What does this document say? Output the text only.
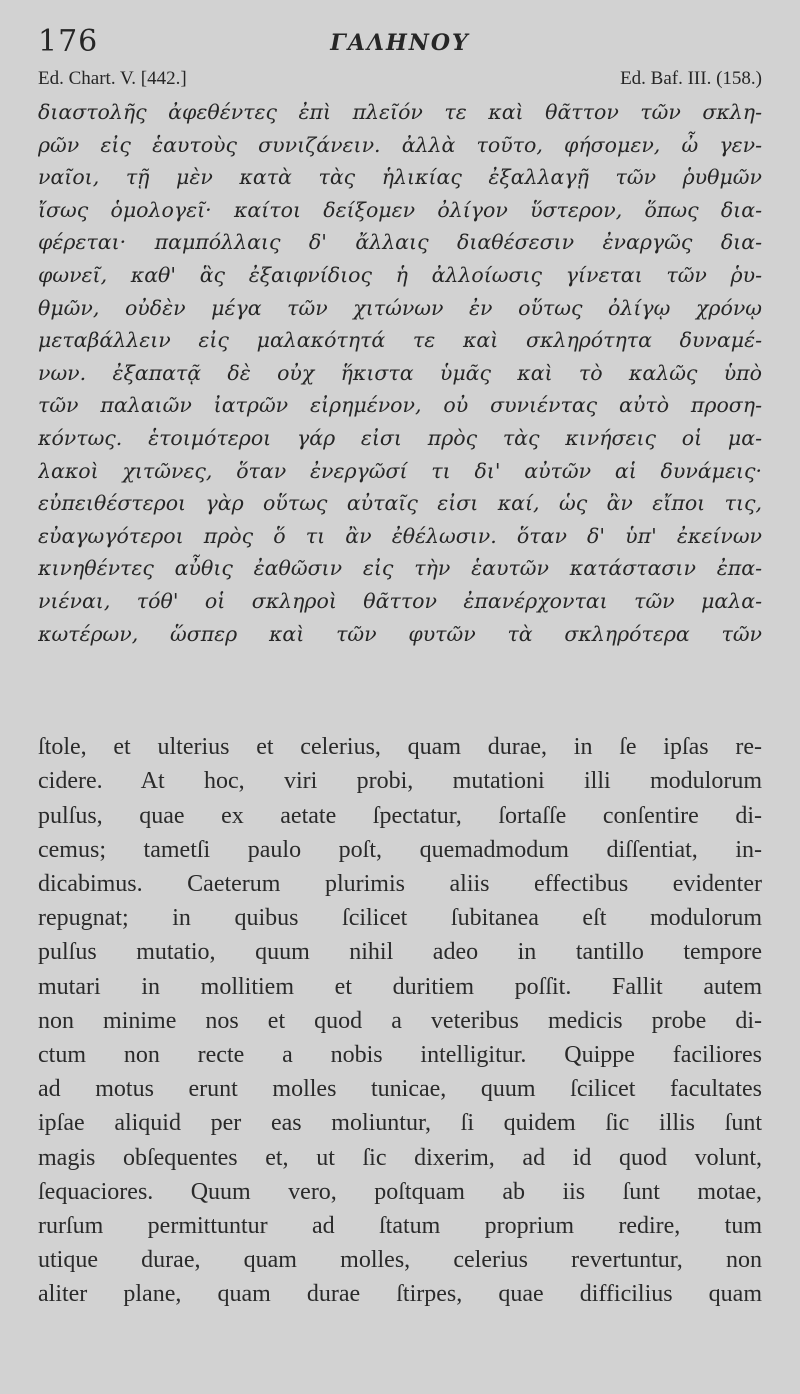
176	ΓΑΛΗΝΟΥ
Ed. Chart. V. [442.]	Ed. Baf. III. (158.)
διαστολῆς ἀφεθέντες ἐπὶ πλεῖόν τε καὶ θᾶττον τῶν σκλη-
ρῶν εἰς ἑαυτοὺς συνιζάνειν. ἀλλὰ τοῦτο, φήσομεν, ὦ γεν-
ναῖοι, τῇ μὲν κατὰ τὰς ἡλικίας ἐξαλλαγῇ τῶν ῥυθμῶν
ἴσως ὁμολογεῖ· καίτοι δείξομεν ὀλίγον ὕστερον, ὅπως δια-
φέρεται· παμπόλλαις δ' ἄλλαις διαθέσεσιν ἐναργῶς δια-
φωνεῖ, καθ' ἃς ἐξαιφνίδιος ἡ ἀλλοίωσις γίνεται τῶν ῥυ-
θμῶν, οὐδὲν μέγα τῶν χιτώνων ἐν οὕτως ὀλίγῳ χρόνῳ
μεταβάλλειν εἰς μαλακότητά τε καὶ σκληρότητα δυναμέ-
νων. ἐξαπατᾷ δὲ οὐχ ἥκιστα ὑμᾶς καὶ τὸ καλῶς ὑπὸ
τῶν παλαιῶν ἰατρῶν εἰρημένον, οὐ συνιέντας αὐτὸ προση-
κόντως. ἑτοιμότεροι γάρ εἰσι πρὸς τὰς κινήσεις οἱ μα-
λακοὶ χιτῶνες, ὅταν ἐνεργῶσί τι δι' αὐτῶν αἱ δυνάμεις·
εὐπειθέστεροι γὰρ οὕτως αὐταῖς εἰσι καί, ὡς ἂν εἴποι τις,
εὐαγωγότεροι πρὸς ὅ τι ἂν ἐθέλωσιν. ὅταν δ' ὑπ' ἐκείνων
κινηθέντες αὖθις ἐαθῶσιν εἰς τὴν ἑαυτῶν κατάστασιν ἐπα-
νιέναι, τόθ' οἱ σκληροὶ θᾶττον ἐπανέρχονται τῶν μαλα-
κωτέρων, ὥσπερ καὶ τῶν φυτῶν τὰ σκληρότερα τῶν
ſtole, et ulterius et celerius, quam durae, in ſe ipſas re-
cidere. At hoc, viri probi, mutationi illi modulorum
pulſus, quae ex aetate ſpectatur, ſortaſſe conſentire di-
cemus; tametſi paulo poſt, quemadmodum diſſentiat, in-
dicabimus. Caeterum plurimis aliis effectibus evidenter
repugnat; in quibus ſcilicet ſubitanea eſt modulorum
pulſus mutatio, quum nihil adeo in tantillo tempore
mutari in mollitiem et duritiem poſſit. Fallit autem
non minime nos et quod a veteribus medicis probe di-
ctum non recte a nobis intelligitur. Quippe faciliores
ad motus erunt molles tunicae, quum ſcilicet facultates
ipſae aliquid per eas moliuntur, ſi quidem ſic illis ſunt
magis obſequentes et, ut ſic dixerim, ad id quod volunt,
ſequaciores. Quum vero, poſtquam ab iis ſunt motae,
rurſum permittuntur ad ſtatum proprium redire, tum
utique durae, quam molles, celerius revertuntur, non
aliter plane, quam durae ſtirpes, quae difficilius quam
